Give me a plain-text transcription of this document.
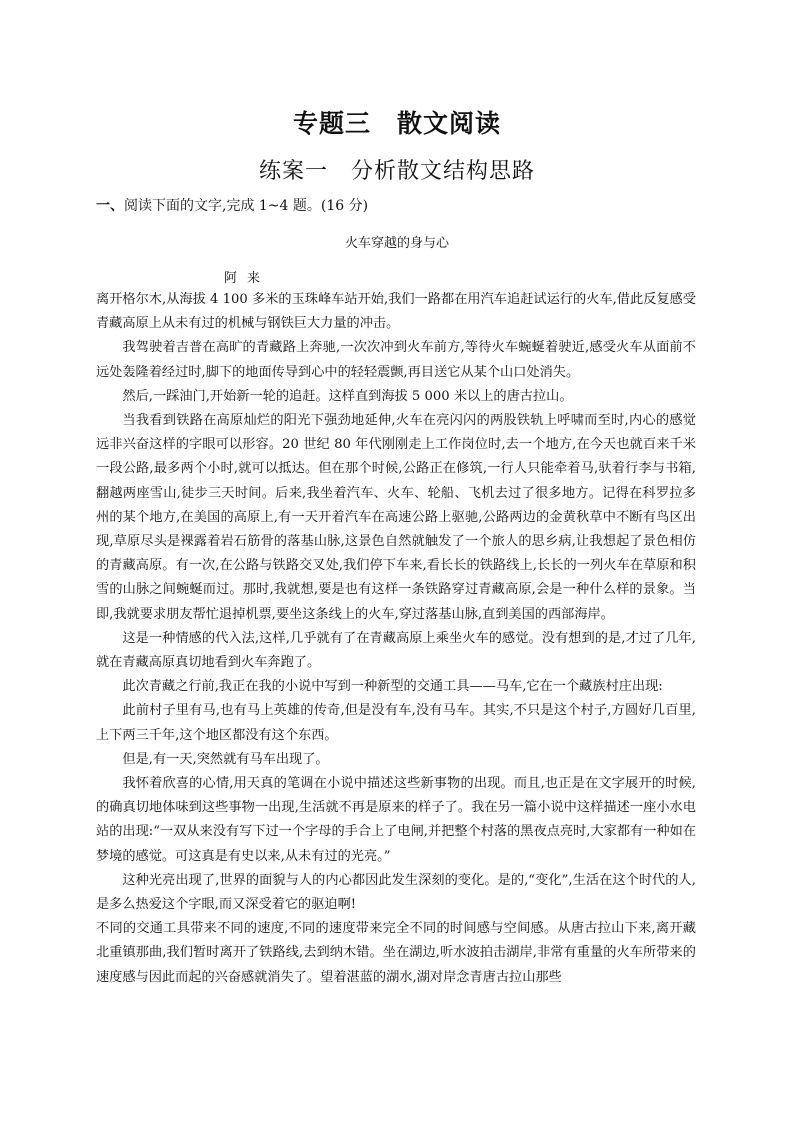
专题三　散文阅读
练案一　分析散文结构思路
一、阅读下面的文字,完成 1~4 题。(16 分)
火车穿越的身与心
阿来

离开格尔木,从海拔 4 100 多米的玉珠峰车站开始,我们一路都在用汽车追赶试运行的火车,借此反复感受青藏高原上从未有过的机械与钢铁巨大力量的冲击。

我驾驶着吉普在高旷的青藏路上奔驰,一次次冲到火车前方,等待火车蜿蜒着驶近,感受火车从面前不远处轰隆着经过时,脚下的地面传导到心中的轻轻震颤,再目送它从某个山口处消失。

然后,一踩油门,开始新一轮的追赶。这样直到海拔 5 000 米以上的唐古拉山。

当我看到铁路在高原灿烂的阳光下强劲地延伸,火车在亮闪闪的两股铁轨上呼啸而至时,内心的感觉远非兴奋这样的字眼可以形容。20 世纪 80 年代刚刚走上工作岗位时,去一个地方,在今天也就百来千米一段公路,最多两个小时,就可以抵达。但在那个时候,公路正在修筑,一行人只能牵着马,驮着行李与书箱,翻越两座雪山,徒步三天时间。后来,我坐着汽车、火车、轮船、飞机去过了很多地方。记得在科罗拉多州的某个地方,在美国的高原上,有一天开着汽车在高速公路上驱驰,公路两边的金黄秋草中不断有鸟区出现,草原尽头是裸露着岩石筋骨的落基山脉,这景色自然就触发了一个旅人的思乡病,让我想起了景色相仿的青藏高原。有一次,在公路与铁路交叉处,我们停下车来,看长长的铁路线上,长长的一列火车在草原和积雪的山脉之间蜿蜒而过。那时,我就想,要是也有这样一条铁路穿过青藏高原,会是一种什么样的景象。当即,我就要求朋友帮忙退掉机票,要坐这条线上的火车,穿过落基山脉,直到美国的西部海岸。

这是一种情感的代入法,这样,几乎就有了在青藏高原上乘坐火车的感觉。没有想到的是,才过了几年,就在青藏高原真切地看到火车奔跑了。

此次青藏之行前,我正在我的小说中写到一种新型的交通工具——马车,它在一个藏族村庄出现:

此前村子里有马,也有马上英雄的传奇,但是没有车,没有马车。其实,不只是这个村子,方圆好几百里,上下两三千年,这个地区都没有这个东西。

但是,有一天,突然就有马车出现了。

我怀着欣喜的心情,用天真的笔调在小说中描述这些新事物的出现。而且,也正是在文字展开的时候,的确真切地体味到这些事物一出现,生活就不再是原来的样子了。我在另一篇小说中这样描述一座小水电站的出现:“一双从来没有写下过一个字母的手合上了电闸,并把整个村落的黑夜点亮时,大家都有一种如在梦境的感觉。可这真是有史以来,从未有过的光亮。”

这种光亮出现了,世界的面貌与人的内心都因此发生深刻的变化。是的,“变化”,生活在这个时代的人,是多么热爱这个字眼,而又深受着它的驱迫啊!

不同的交通工具带来不同的速度,不同的速度带来完全不同的时间感与空间感。从唐古拉山下来,离开藏北重镇那曲,我们暂时离开了铁路线,去到纳木错。坐在湖边,听水波拍击湖岸,非常有重量的火车所带来的速度感与因此而起的兴奋感就消失了。望着湛蓝的湖水,湖对岸念青唐古拉山那些
